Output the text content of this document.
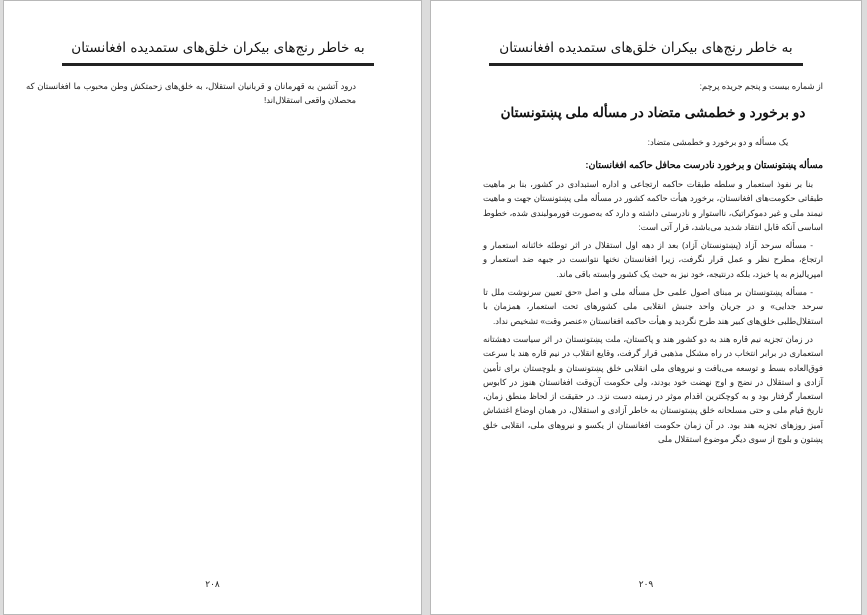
به خاطر رنج‌های بیکران خلق‌های ستمدیده افغانستان
درود آتشین به قهرمانان و قربانیان استقلال، به خلق‌های زحمتکش وطن محبوب ما افغانستان که محصلان واقعی استقلال‌اند!
۲۰۸
به خاطر رنج‌های بیکران خلق‌های ستمدیده افغانستان

از شماره بیست و پنجم جریده پرچم:

دو برخورد و خطمشی متضاد در مسأله ملی پښتونستان

یک مسأله و دو برخورد و خطمشی متضاد:

مسأله پښتونستان و برخورد نادرست محافل حاکمه افغانستان:

بنا بر نفوذ استعمار و سلطه طبقات حاکمه ارتجاعی و اداره استبدادی در کشور، بنا بر ماهیت طبقاتی حکومت‌های افغانستان، برخورد هیأت حاکمه کشور در مسأله ملی پښتونستان جهت و ماهیت نیمند ملی و غیر دموکراتیک، نااستوار و نادرستی داشته و دارد که به‌صورت فورمولبندی شده، خطوط اساسی آنکه قابل انتقاد شدید می‌باشد، قرار آتی است:

- مسأله سرحد آزاد (پښتونستان آزاد) بعد از دهه اول استقلال در اثر توطئه خائنانه استعمار و ارتجاع، مطرح نظر و عمل قرار نگرفت، زیرا افغانستان نخنها نتوانست در جبهه ضد استعمار و امپریالیزم به پا خیزد، بلکه درنتیجه، خود نیز به حیث یک کشور وابسته باقی ماند.

- مسأله پښتونستان بر مبنای اصول علمی حل مسأله ملی و اصل «حق تعیین سرنوشت ملل تا سرحد جدایی» و در جریان واحد جنبش انقلابی ملی کشورهای تحت استعمار، همزمان با استقلال‌طلبی خلق‌های کبیر هند طرح نگردید و هیأت حاکمه افغانستان «عنصر وقت» تشخیص نداد.

در زمان تجزیه نیم قاره هند به دو کشور هند و پاکستان، ملت پښتونستان در اثر سیاست دهشتانه استعماری در برابر انتخاب در راه مشکل مذهبی قرار گرفت، وقایع انقلاب در نیم قاره هند با سرعت فوق‌العاده بسط و توسعه می‌یافت و نیروهای ملی انقلابی خلق پښتونستان و بلوچستان برای تأمین آزادی و استقلال در نضج و اوج نهضت خود بودند، ولی حکومت آن‌وقت افغانستان هنوز در کابوس استعمار گرفتار بود و به کوچکترین اقدام موثر در زمینه دست نزد. در حقیقت از لحاظ منطق زمان، تاریخ قیام ملی و حتی مسلحانه خلق پښتونستان به خاطر آزادی و استقلال، در همان اوضاع اغتشاش آمیز روزهای تجزیه هند بود. در آن زمان حکومت افغانستان از یکسو و نیروهای ملی، انقلابی خلق پښتون و بلوچ از سوی دیگر موضوع استقلال ملی

۲۰۹
